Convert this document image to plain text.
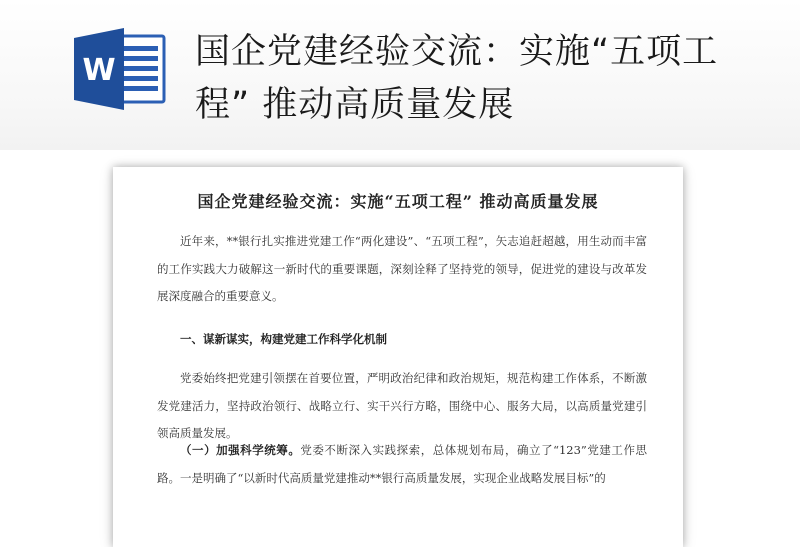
W 国企党建经验交流：实施“五项工程” 推动高质量发展
国企党建经验交流：实施“五项工程” 推动高质量发展

近年来，**银行扎实推进党建工作“两化建设”、“五项工程”，矢志追赶超越，用生动而丰富的工作实践大力破解这一新时代的重要课题，深刻诠释了坚持党的领导，促进党的建设与改革发展深度融合的重要意义。

一、谋新谋实，构建党建工作科学化机制

党委始终把党建引领摆在首要位置，严明政治纪律和政治规矩，规范构建工作体系，不断激发党建活力，坚持政治领行、战略立行、实干兴行方略，围绕中心、服务大局，以高质量党建引领高质量发展。

（一）加强科学统筹。党委不断深入实践探索，总体规划布局，确立了“123”党建工作思路。一是明确了“以新时代高质量党建推动**银行高质量发展，实现企业战略发展目标”的
